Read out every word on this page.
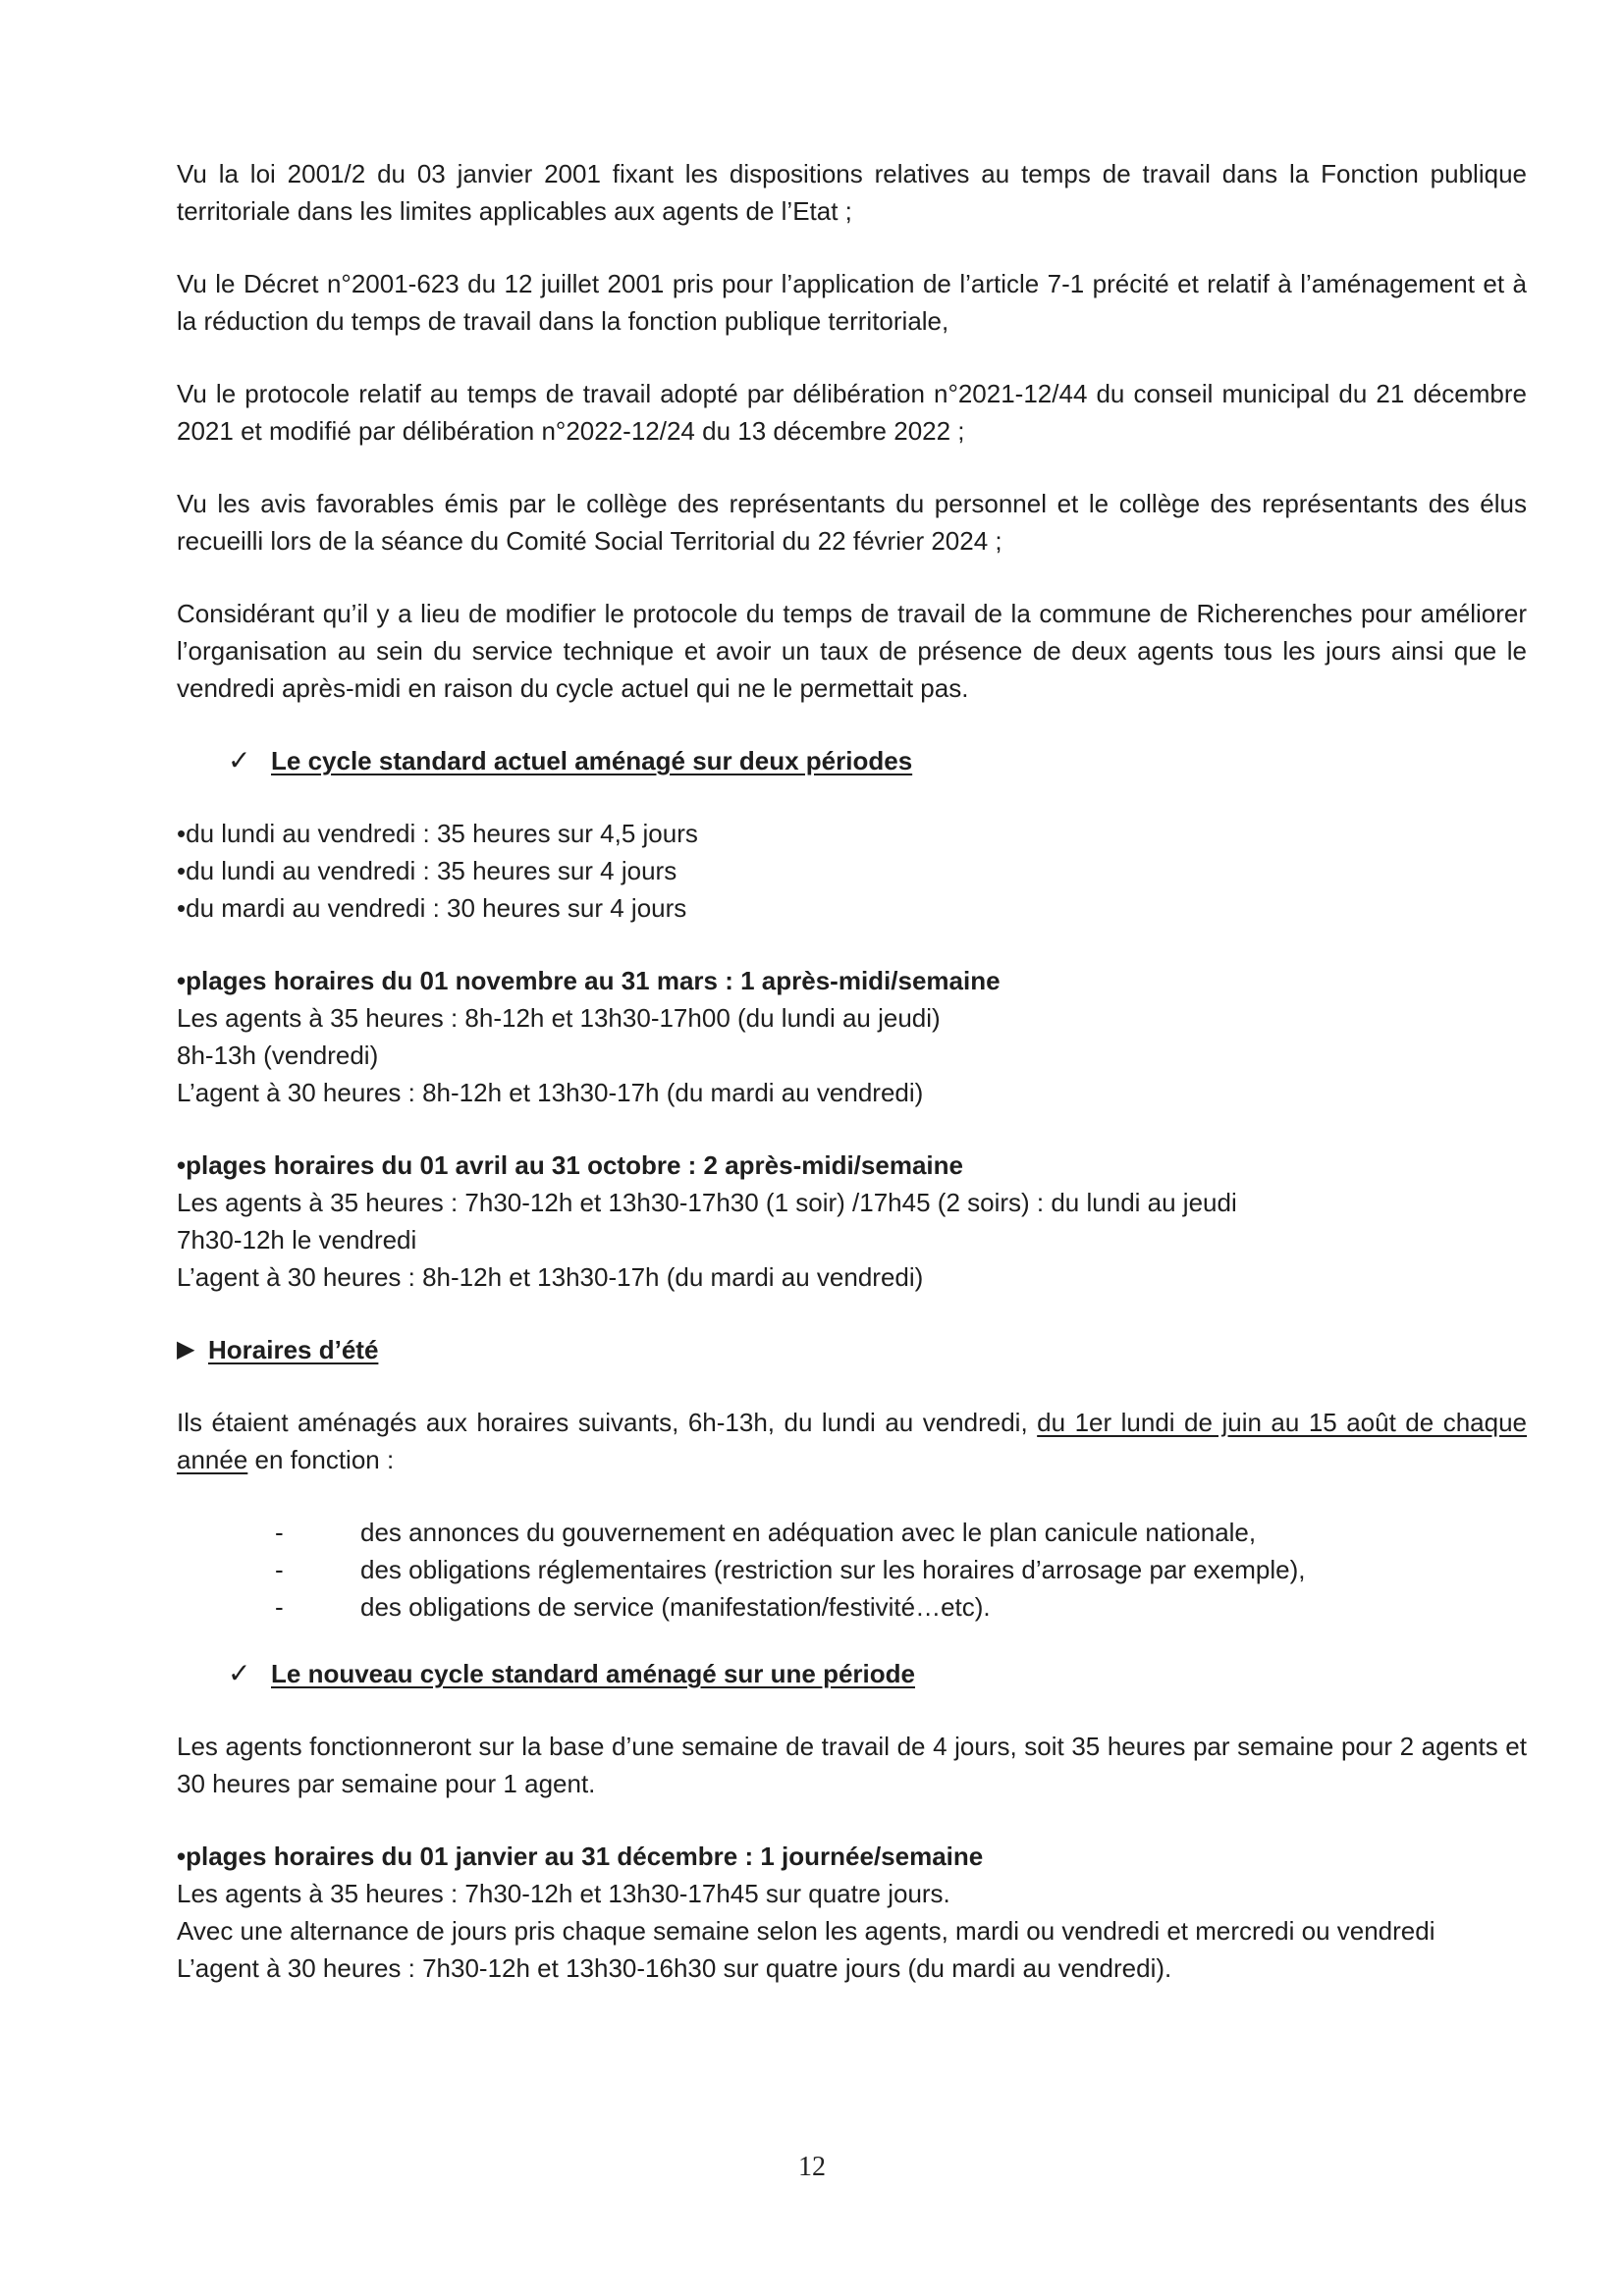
Vu la loi 2001/2 du 03 janvier 2001 fixant les dispositions relatives au temps de travail dans la Fonction publique territoriale dans les limites applicables aux agents de l’Etat ;

Vu le Décret n°2001-623 du 12 juillet 2001 pris pour l’application de l’article 7-1 précité et relatif à l’aménagement et à la réduction du temps de travail dans la fonction publique territoriale,

Vu le protocole relatif au temps de travail adopté par délibération n°2021-12/44 du conseil municipal du 21 décembre 2021 et modifié par délibération n°2022-12/24 du 13 décembre 2022 ;

Vu les avis favorables émis par le collège des représentants du personnel et le collège des représentants des élus recueilli lors de la séance du Comité Social Territorial du 22 février 2024 ;

Considérant qu’il y a lieu de modifier le protocole du temps de travail de la commune de Richerenches pour améliorer l’organisation au sein du service technique et avoir un taux de présence de deux agents tous les jours ainsi que le vendredi après-midi en raison du cycle actuel qui ne le permettait pas.

✓ Le cycle standard actuel aménagé sur deux périodes
•du lundi au vendredi : 35 heures sur 4,5 jours
•du lundi au vendredi : 35 heures sur 4 jours
•du mardi au vendredi : 30 heures sur 4 jours
•plages horaires du 01 novembre au 31 mars : 1 après-midi/semaine
Les agents à 35 heures : 8h-12h et 13h30-17h00 (du lundi au jeudi)
8h-13h (vendredi)
L’agent à 30 heures : 8h-12h et 13h30-17h (du mardi au vendredi)
•plages horaires du 01 avril au 31 octobre : 2 après-midi/semaine
Les agents à 35 heures : 7h30-12h et 13h30-17h30 (1 soir) /17h45 (2 soirs) : du lundi au jeudi
7h30-12h le vendredi
L’agent à 30 heures : 8h-12h et 13h30-17h (du mardi au vendredi)
▶ Horaires d’été

Ils étaient aménagés aux horaires suivants, 6h-13h, du lundi au vendredi, du 1er lundi de juin au 15 août de chaque année en fonction :

-	des annonces du gouvernement en adéquation avec le plan canicule nationale,
-	des obligations réglementaires (restriction sur les horaires d’arrosage par exemple),
-	des obligations de service (manifestation/festivité…etc).
✓ Le nouveau cycle standard aménagé sur une période

Les agents fonctionneront sur la base d’une semaine de travail de 4 jours, soit 35 heures par semaine pour 2 agents et 30 heures par semaine pour 1 agent.

•plages horaires du 01 janvier au 31 décembre : 1 journée/semaine
Les agents à 35 heures : 7h30-12h et 13h30-17h45 sur quatre jours.

Avec une alternance de jours pris chaque semaine selon les agents, mardi ou vendredi et mercredi ou vendredi

L’agent à 30 heures : 7h30-12h et 13h30-16h30 sur quatre jours (du mardi au vendredi).
12
